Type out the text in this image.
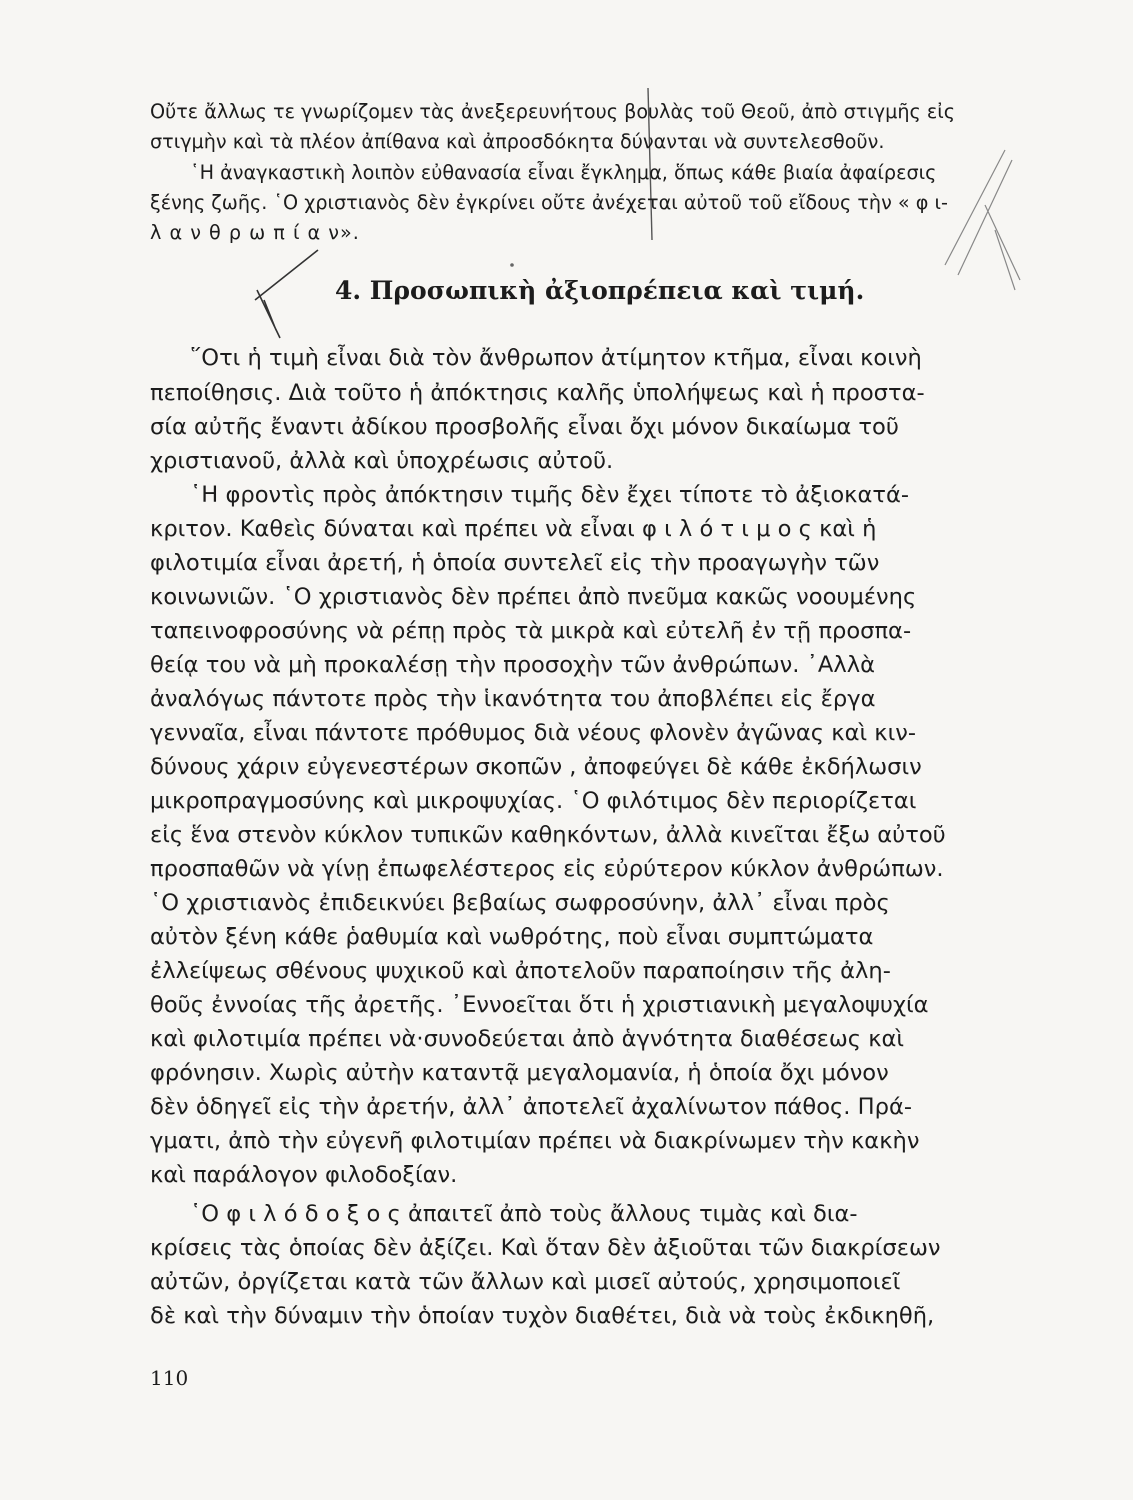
Οὔτε ἄλλως τε γνωρίζομεν τὰς ἀνεξερευνήτους βουλὰς τοῦ Θεοῦ, ἀπὸ στιγμῆς εἰς
στιγμὴν καὶ τὰ πλέον ἀπίθανα καὶ ἀπροσδόκητα δύνανται νὰ συντελεσθοῦν.
῾Η ἀναγκαστικὴ λοιπὸν εὐθανασία εἶναι ἔγκλημα, ὅπως κάθε βιαία ἀφαίρεσις
ξένης ζωῆς. ῾Ο χριστιανὸς δὲν ἐγκρίνει οὔτε ἀνέχεται αὐτοῦ τοῦ εἴδους τὴν « φ ι-
λ α ν θ ρ ω π ί α ν».
4. Προσωπικὴ ἀξιοπρέπεια καὶ τιμή.
῞Οτι ἡ τιμὴ εἶναι διὰ τὸν ἄνθρωπον ἀτίμητον κτῆμα, εἶναι κοινὴ
πεποίθησις. Διὰ τοῦτο ἡ ἀπόκτησις καλῆς ὑπολήψεως καὶ ἡ προστα-
σία αὐτῆς ἔναντι ἀδίκου προσβολῆς εἶναι ὄχι μόνον δικαίωμα τοῦ
χριστιανοῦ, ἀλλὰ καὶ ὑποχρέωσις αὐτοῦ.
῾Η φροντὶς πρὸς ἀπόκτησιν τιμῆς δὲν ἔχει τίποτε τὸ ἀξιοκατά-
κριτον. Καθεὶς δύναται καὶ πρέπει νὰ εἶναι φ ι λ ό τ ι μ ο ς καὶ ἡ
φιλοτιμία εἶναι ἀρετή, ἡ ὁποία συντελεῖ εἰς τὴν προαγωγὴν τῶν
κοινωνιῶν. ῾Ο χριστιανὸς δὲν πρέπει ἀπὸ πνεῦμα κακῶς νοουμένης
ταπεινοφροσύνης νὰ ρέπῃ πρὸς τὰ μικρὰ καὶ εὐτελῆ ἐν τῇ προσπα-
θείᾳ του νὰ μὴ προκαλέσῃ τὴν προσοχὴν τῶν ἀνθρώπων. ᾿Αλλὰ
ἀναλόγως πάντοτε πρὸς τὴν ἱκανότητα του ἀποβλέπει εἰς ἔργα
γενναῖα, εἶναι πάντοτε πρόθυμος διὰ νέους φλονὲν ἀγῶνας καὶ κιν-
δύνους χάριν εὐγενεστέρων σκοπῶν , ἀποφεύγει δὲ κάθε ἐκδήλωσιν
μικροπραγμοσύνης καὶ μικροψυχίας. ῾Ο φιλότιμος δὲν περιορίζεται
εἰς ἕνα στενὸν κύκλον τυπικῶν καθηκόντων, ἀλλὰ κινεῖται ἔξω αὐτοῦ
προσπαθῶν νὰ γίνῃ ἐπωφελέστερος εἰς εὐρύτερον κύκλον ἀνθρώπων.
῾Ο χριστιανὸς ἐπιδεικνύει βεβαίως σωφροσύνην, ἀλλ᾿ εἶναι πρὸς
αὐτὸν ξένη κάθε ῥαθυμία καὶ νωθρότης, ποὺ εἶναι συμπτώματα
ἐλλείψεως σθένους ψυχικοῦ καὶ ἀποτελοῦν παραποίησιν τῆς ἀλη-
θοῦς ἐννοίας τῆς ἀρετῆς. ᾿Εννοεῖται ὅτι ἡ χριστιανικὴ μεγαλοψυχία
καὶ φιλοτιμία πρέπει νὰ·συνοδεύεται ἀπὸ ἁγνότητα διαθέσεως καὶ
φρόνησιν. Χωρὶς αὐτὴν καταντᾷ μεγαλομανία, ἡ ὁποία ὄχι μόνον
δὲν ὁδηγεῖ εἰς τὴν ἀρετήν, ἀλλ᾿ ἀποτελεῖ ἀχαλίνωτον πάθος. Πρά-
γματι, ἀπὸ τὴν εὐγενῆ φιλοτιμίαν πρέπει νὰ διακρίνωμεν τὴν κακὴν
καὶ παράλογον φιλοδοξίαν.
῾Ο φ ι λ ό δ ο ξ ο ς ἀπαιτεῖ ἀπὸ τοὺς ἄλλους τιμὰς καὶ δια-
κρίσεις τὰς ὁποίας δὲν ἀξίζει. Καὶ ὅταν δὲν ἀξιοῦται τῶν διακρίσεων
αὐτῶν, ὀργίζεται κατὰ τῶν ἄλλων καὶ μισεῖ αὐτούς, χρησιμοποιεῖ
δὲ καὶ τὴν δύναμιν τὴν ὁποίαν τυχὸν διαθέτει, διὰ νὰ τοὺς ἐκδικηθῆ,
110
